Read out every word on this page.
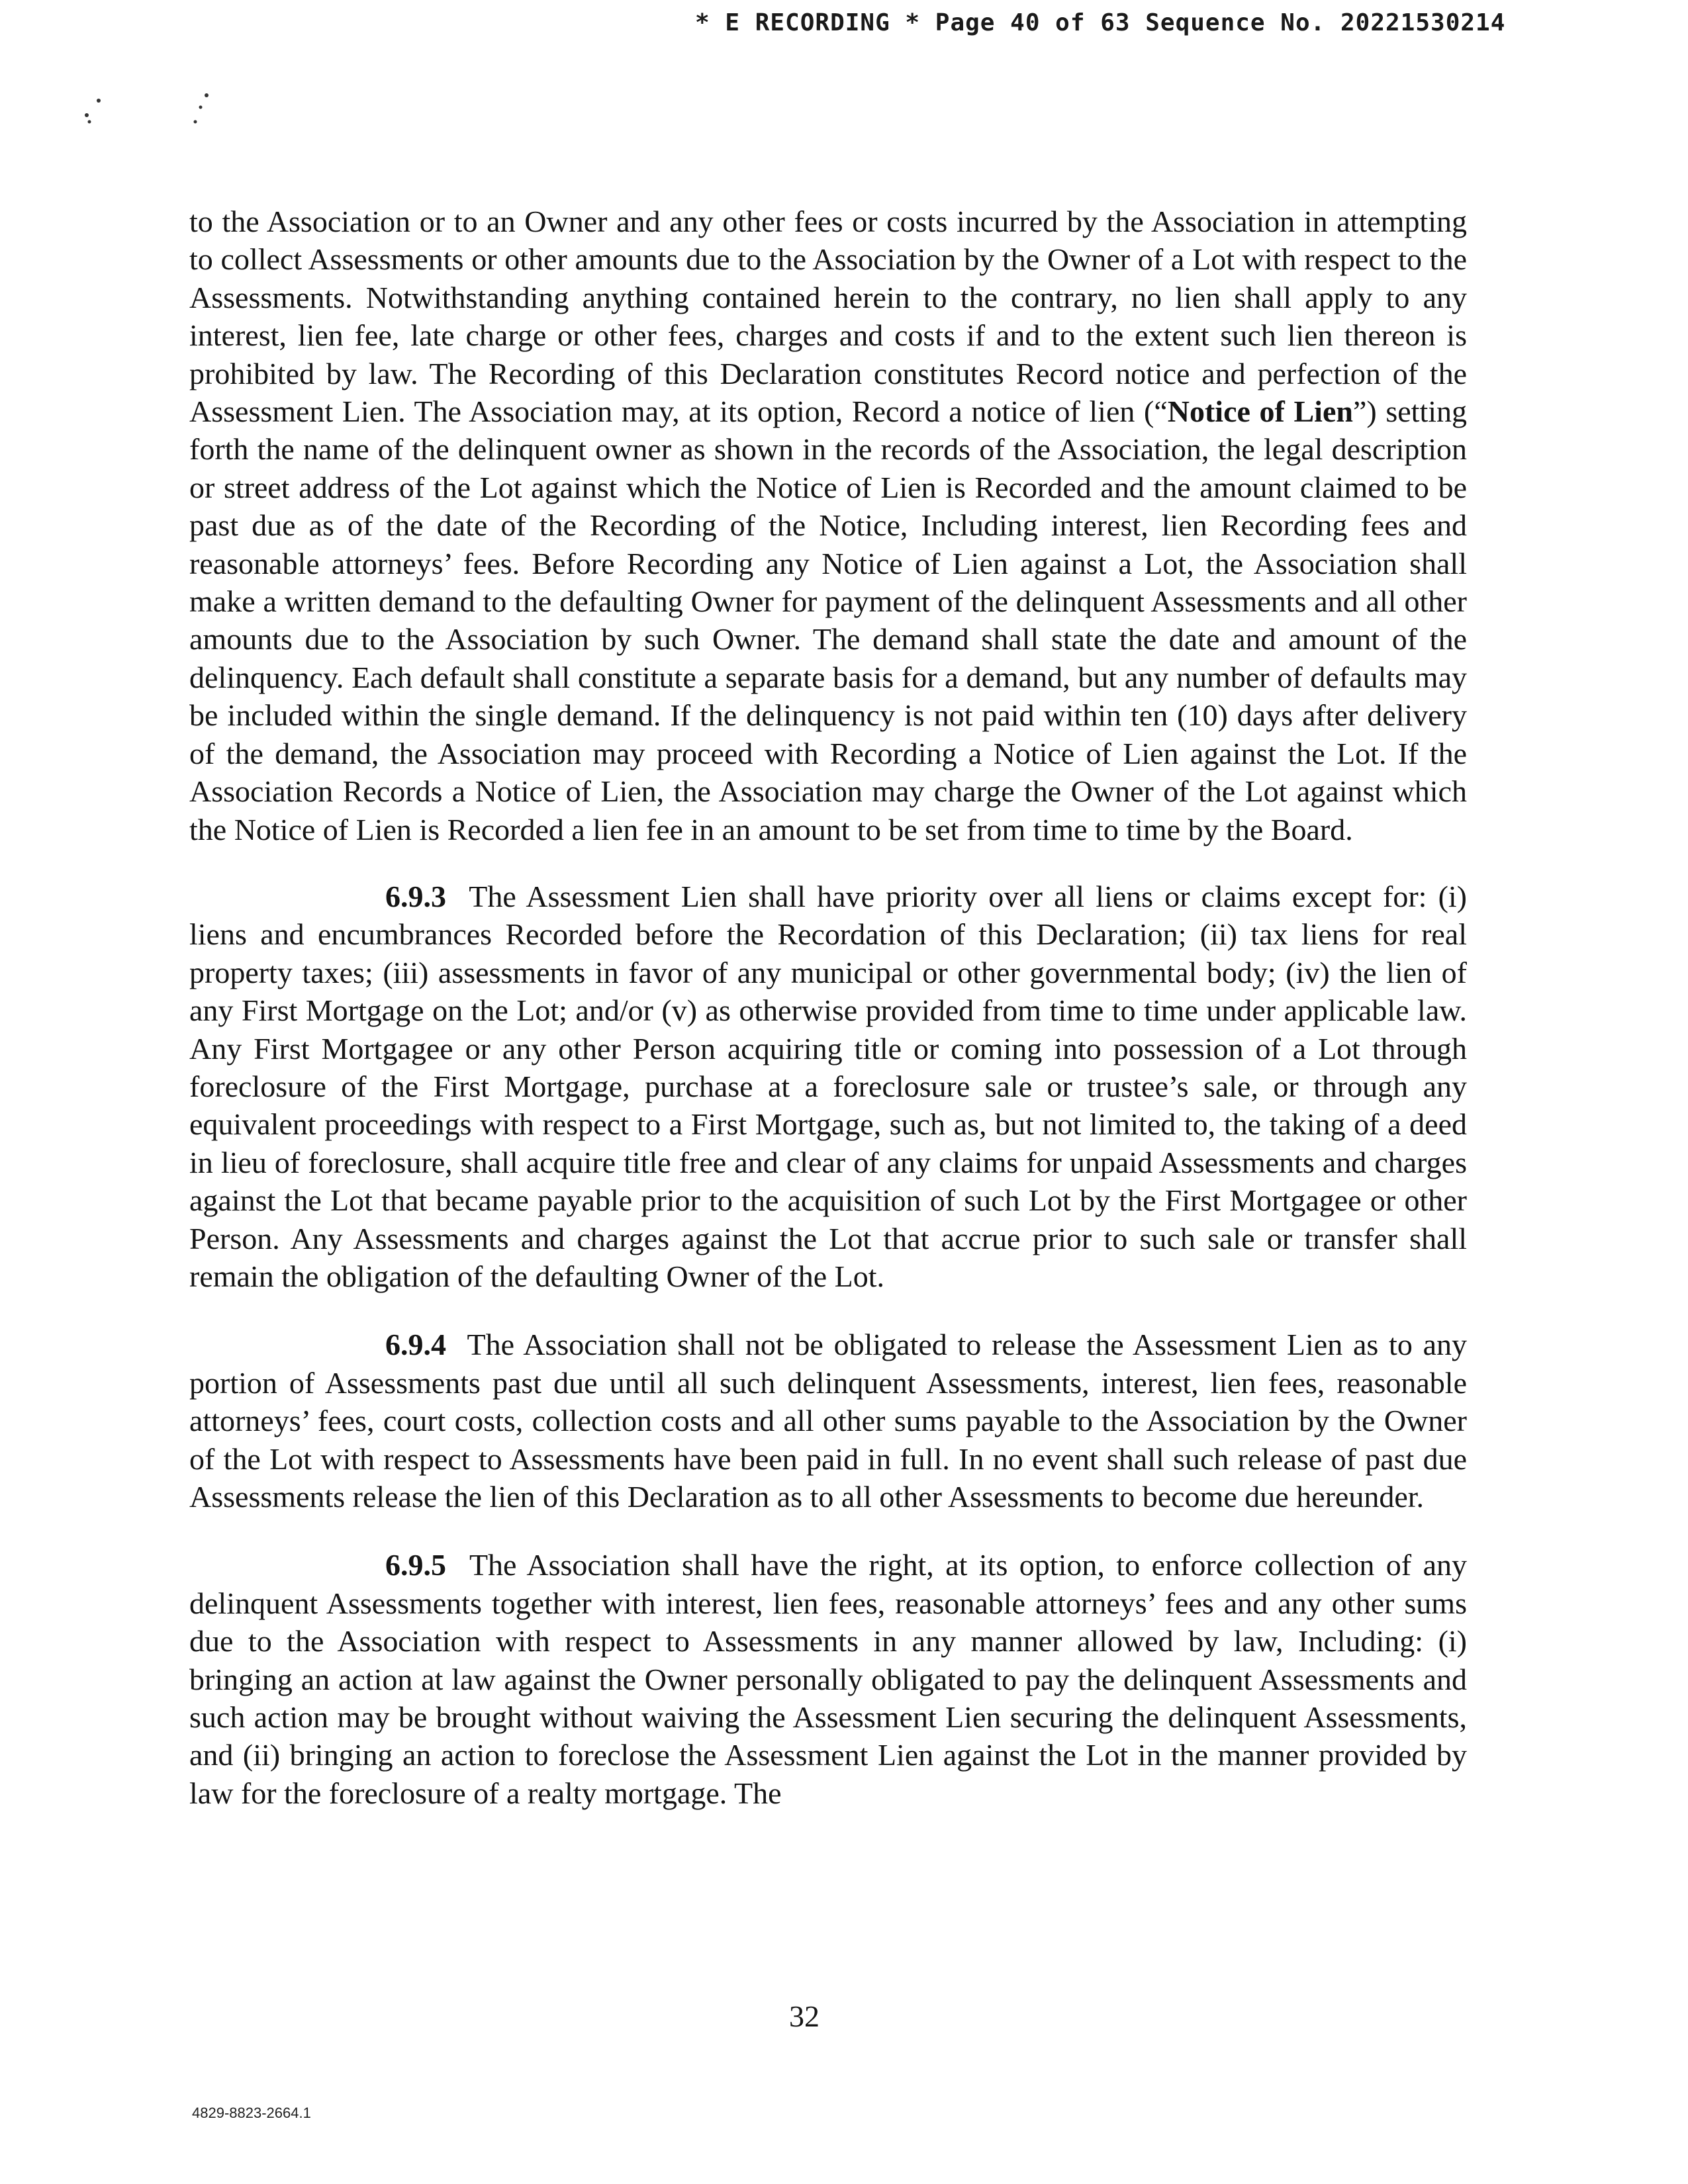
* E RECORDING * Page 40 of 63 Sequence No. 20221530214

to the Association or to an Owner and any other fees or costs incurred by the Association in attempting to collect Assessments or other amounts due to the Association by the Owner of a Lot with respect to the Assessments. Notwithstanding anything contained herein to the contrary, no lien shall apply to any interest, lien fee, late charge or other fees, charges and costs if and to the extent such lien thereon is prohibited by law. The Recording of this Declaration constitutes Record notice and perfection of the Assessment Lien. The Association may, at its option, Record a notice of lien (“Notice of Lien”) setting forth the name of the delinquent owner as shown in the records of the Association, the legal description or street address of the Lot against which the Notice of Lien is Recorded and the amount claimed to be past due as of the date of the Recording of the Notice, Including interest, lien Recording fees and reasonable attorneys’ fees. Before Recording any Notice of Lien against a Lot, the Association shall make a written demand to the defaulting Owner for payment of the delinquent Assessments and all other amounts due to the Association by such Owner. The demand shall state the date and amount of the delinquency. Each default shall constitute a separate basis for a demand, but any number of defaults may be included within the single demand. If the delinquency is not paid within ten (10) days after delivery of the demand, the Association may proceed with Recording a Notice of Lien against the Lot. If the Association Records a Notice of Lien, the Association may charge the Owner of the Lot against which the Notice of Lien is Recorded a lien fee in an amount to be set from time to time by the Board.

6.9.3 The Assessment Lien shall have priority over all liens or claims except for: (i) liens and encumbrances Recorded before the Recordation of this Declaration; (ii) tax liens for real property taxes; (iii) assessments in favor of any municipal or other governmental body; (iv) the lien of any First Mortgage on the Lot; and/or (v) as otherwise provided from time to time under applicable law. Any First Mortgagee or any other Person acquiring title or coming into possession of a Lot through foreclosure of the First Mortgage, purchase at a foreclosure sale or trustee’s sale, or through any equivalent proceedings with respect to a First Mortgage, such as, but not limited to, the taking of a deed in lieu of foreclosure, shall acquire title free and clear of any claims for unpaid Assessments and charges against the Lot that became payable prior to the acquisition of such Lot by the First Mortgagee or other Person. Any Assessments and charges against the Lot that accrue prior to such sale or transfer shall remain the obligation of the defaulting Owner of the Lot.

6.9.4 The Association shall not be obligated to release the Assessment Lien as to any portion of Assessments past due until all such delinquent Assessments, interest, lien fees, reasonable attorneys’ fees, court costs, collection costs and all other sums payable to the Association by the Owner of the Lot with respect to Assessments have been paid in full. In no event shall such release of past due Assessments release the lien of this Declaration as to all other Assessments to become due hereunder.

6.9.5 The Association shall have the right, at its option, to enforce collection of any delinquent Assessments together with interest, lien fees, reasonable attorneys’ fees and any other sums due to the Association with respect to Assessments in any manner allowed by law, Including: (i) bringing an action at law against the Owner personally obligated to pay the delinquent Assessments and such action may be brought without waiving the Assessment Lien securing the delinquent Assessments, and (ii) bringing an action to foreclose the Assessment Lien against the Lot in the manner provided by law for the foreclosure of a realty mortgage. The

32
4829-8823-2664.1
